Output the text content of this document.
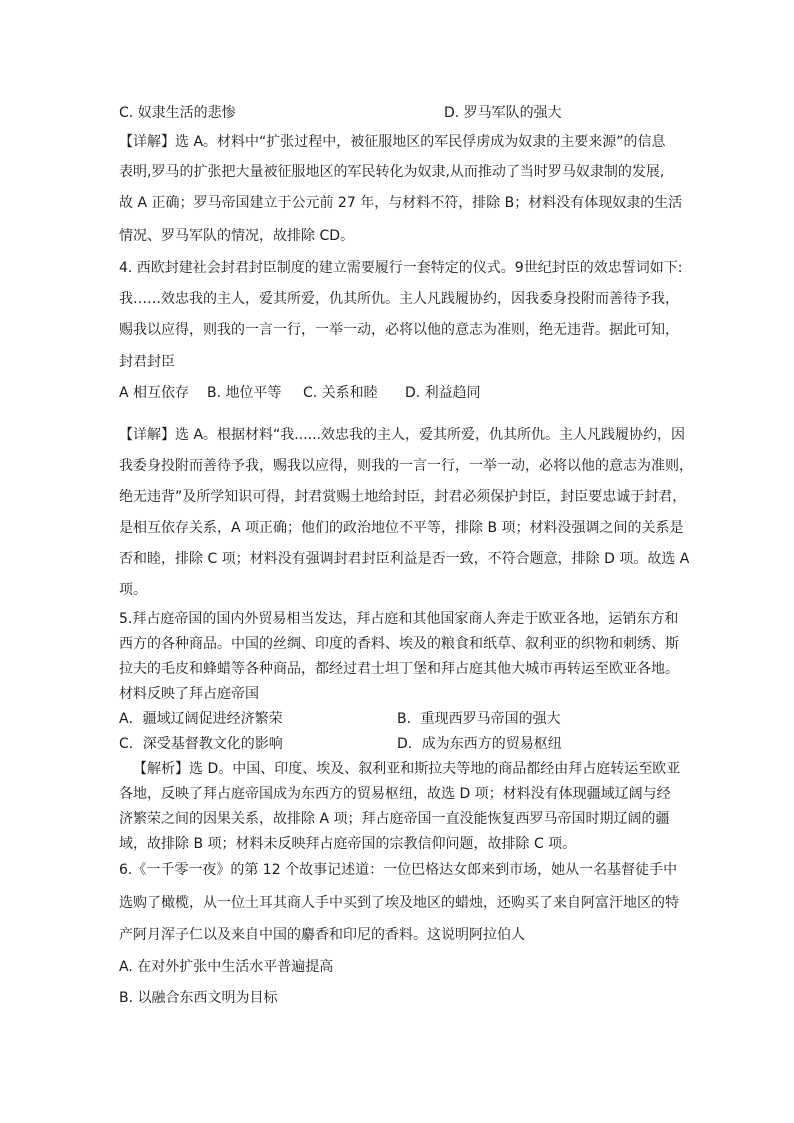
C. 奴隶生活的悲惨	D. 罗马军队的强大
【详解】选 A。材料中“扩张过程中，被征服地区的军民俘虏成为奴隶的主要来源”的信息
表明,罗马的扩张把大量被征服地区的军民转化为奴隶,从而推动了当时罗马奴隶制的发展,
故 A 正确；罗马帝国建立于公元前 27 年，与材料不符，排除 B；材料没有体现奴隶的生活
情况、罗马军队的情况，故排除 CD。
4. 西欧封建社会封君封臣制度的建立需要履行一套特定的仪式。9世纪封臣的效忠誓词如下:
我……效忠我的主人，爱其所爱，仇其所仇。主人凡践履协约，因我委身投附而善待予我，
赐我以应得，则我的一言一行，一举一动，必将以他的意志为准则，绝无违背。据此可知，
封君封臣
A 相互依存 B. 地位平等 C. 关系和睦 D. 利益趋同
【详解】选 A。根据材料“我......效忠我的主人，爱其所爱，仇其所仇。主人凡践履协约，因
我委身投附而善待予我，赐我以应得，则我的一言一行，一举一动，必将以他的意志为准则，
绝无违背”及所学知识可得，封君赏赐土地给封臣，封君必须保护封臣，封臣要忠诚于封君，
是相互依存关系，A 项正确；他们的政治地位不平等，排除 B 项；材料没强调之间的关系是
否和睦，排除 C 项；材料没有强调封君封臣利益是否一致，不符合题意，排除 D 项。故选 A
项。
5.拜占庭帝国的国内外贸易相当发达，拜占庭和其他国家商人奔走于欧亚各地，运销东方和
西方的各种商品。中国的丝绸、印度的香料、埃及的粮食和纸草、叙利亚的织物和刺绣、斯
拉夫的毛皮和蜂蜡等各种商品，都经过君士坦丁堡和拜占庭其他大城市再转运至欧亚各地。
材料反映了拜占庭帝国
A．疆域辽阔促进经济繁荣	B．重现西罗马帝国的强大
C．深受基督教文化的影响	D．成为东西方的贸易枢纽
【解析】选 D。中国、印度、埃及、叙利亚和斯拉夫等地的商品都经由拜占庭转运至欧亚
各地，反映了拜占庭帝国成为东西方的贸易枢纽，故选 D 项；材料没有体现疆域辽阔与经
济繁荣之间的因果关系，故排除 A 项；拜占庭帝国一直没能恢复西罗马帝国时期辽阔的疆
域，故排除 B 项；材料未反映拜占庭帝国的宗教信仰问题，故排除 C 项。
6.《一千零一夜》的第 12 个故事记述道：一位巴格达女郎来到市场，她从一名基督徒手中
选购了橄榄，从一位土耳其商人手中买到了埃及地区的蜡烛，还购买了来自阿富汗地区的特
产阿月浑子仁以及来自中国的麝香和印尼的香料。这说明阿拉伯人
A. 在对外扩张中生活水平普遍提高
B. 以融合东西文明为目标
